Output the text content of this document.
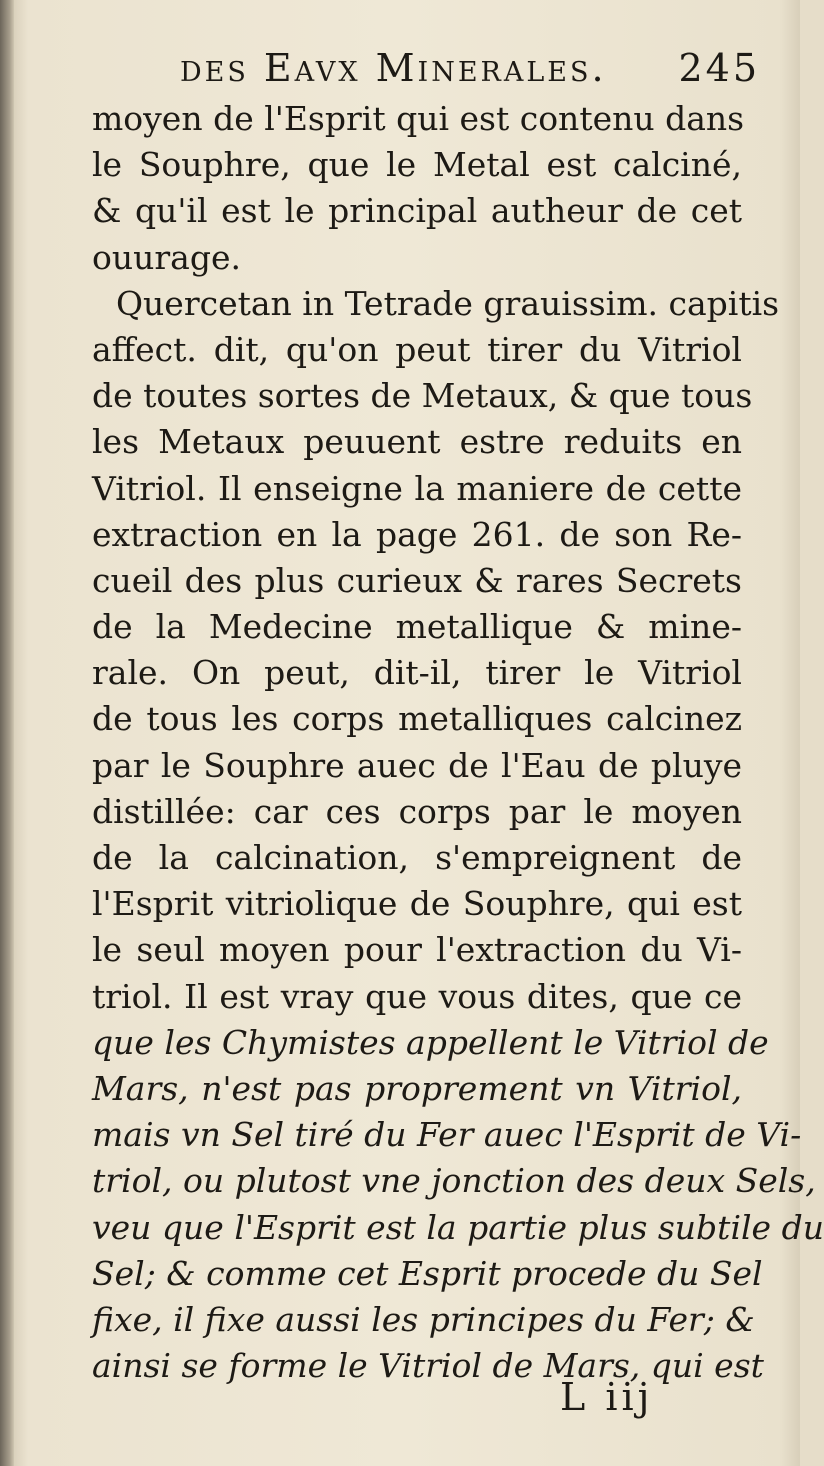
des Eavx Minerales. 245
moyen de l'Esprit qui est contenu dans
le Souphre, que le Metal est calciné,
& qu'il est le principal autheur de cet
ouurage.
Quercetan in Tetrade grauissim. capitis
affect. dit, qu'on peut tirer du Vitriol
de toutes sortes de Metaux, & que tous
les Metaux peuuent estre reduits en
Vitriol. Il enseigne la maniere de cette
extraction en la page 261. de son Re-
cueil des plus curieux & rares Secrets
de la Medecine metallique & mine-
rale. On peut, dit-il, tirer le Vitriol
de tous les corps metalliques calcinez
par le Souphre auec de l'Eau de pluye
distillée: car ces corps par le moyen
de la calcination, s'empreignent de
l'Esprit vitriolique de Souphre, qui est
le seul moyen pour l'extraction du Vi-
triol. Il est vray que vous dites, que ce
que les Chymistes appellent le Vitriol de
Mars, n'est pas proprement vn Vitriol,
mais vn Sel tiré du Fer auec l'Esprit de Vi-
triol, ou plutost vne jonction des deux Sels,
veu que l'Esprit est la partie plus subtile du
Sel; & comme cet Esprit procede du Sel
fixe, il fixe aussi les principes du Fer; &
ainsi se forme le Vitriol de Mars, qui est
L iij
